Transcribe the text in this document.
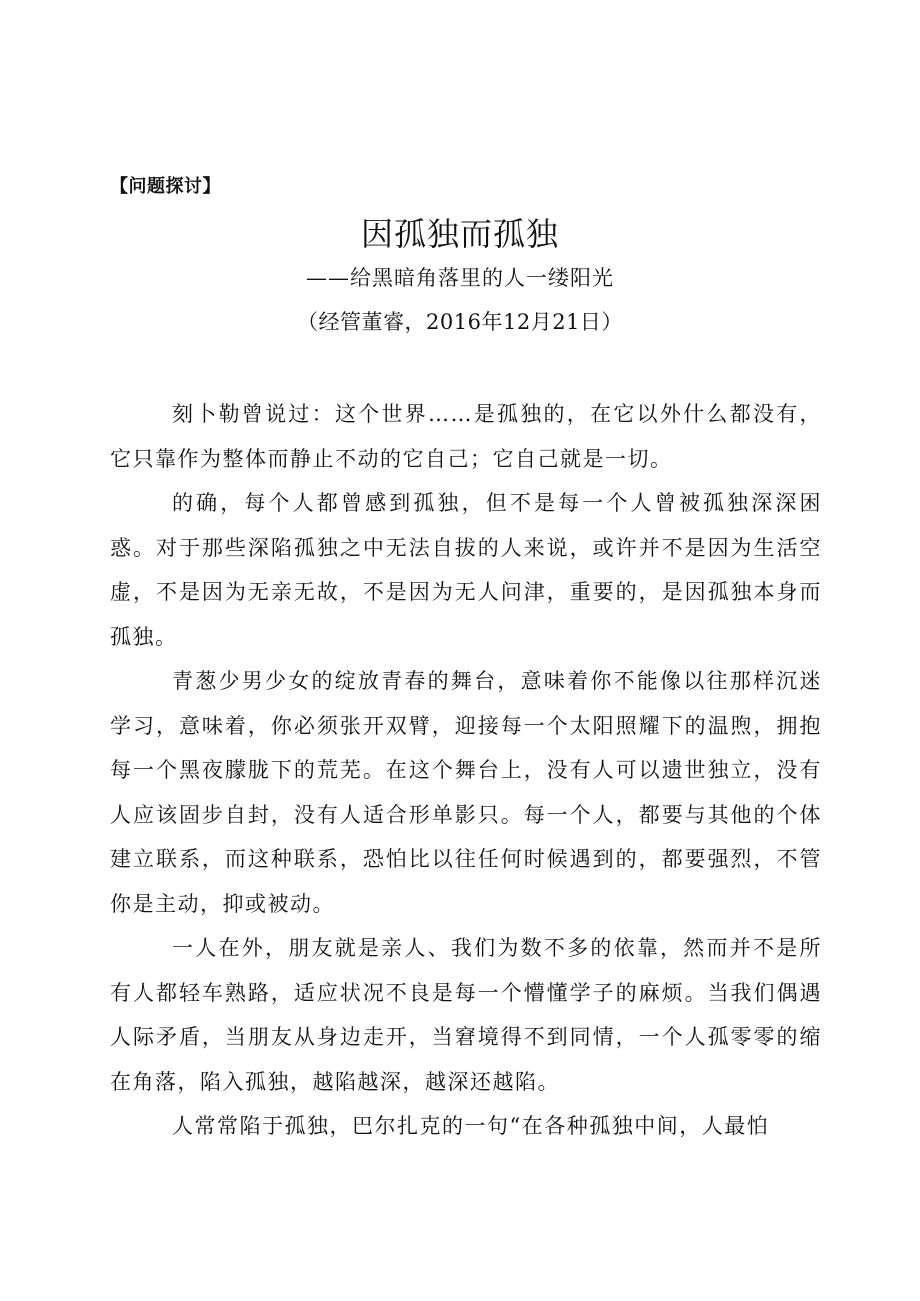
【问题探讨】
因孤独而孤独
——给黑暗角落里的人一缕阳光
（经管董睿，2016年12月21日）

刻卜勒曾说过：这个世界……是孤独的，在它以外什么都没有，它只靠作为整体而静止不动的它自己；它自己就是一切。

的确，每个人都曾感到孤独，但不是每一个人曾被孤独深深困惑。对于那些深陷孤独之中无法自拔的人来说，或许并不是因为生活空虚，不是因为无亲无故，不是因为无人问津，重要的，是因孤独本身而孤独。

青葱少男少女的绽放青春的舞台，意味着你不能像以往那样沉迷学习，意味着，你必须张开双臂，迎接每一个太阳照耀下的温煦，拥抱每一个黑夜朦胧下的荒芜。在这个舞台上，没有人可以遗世独立，没有人应该固步自封，没有人适合形单影只。每一个人，都要与其他的个体建立联系，而这种联系，恐怕比以往任何时候遇到的，都要强烈，不管你是主动，抑或被动。

一人在外，朋友就是亲人、我们为数不多的依靠，然而并不是所有人都轻车熟路，适应状况不良是每一个懵懂学子的麻烦。当我们偶遇人际矛盾，当朋友从身边走开，当窘境得不到同情，一个人孤零零的缩在角落，陷入孤独，越陷越深，越深还越陷。

人常常陷于孤独，巴尔扎克的一句“在各种孤独中间，人最怕
